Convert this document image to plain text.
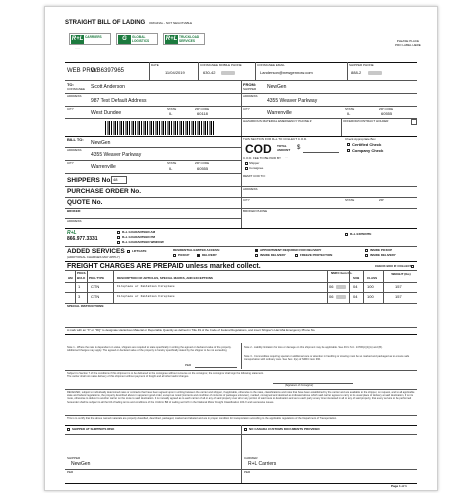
STRAIGHT BILL OF LADING ORIGINAL - NOT NEGOTIABLE
R+L CARRIERS	G	GLOBAL LOGISTICS	R+L TRUCKLOAD SERVICES
·····
PLEASE PLACE
PRO LABEL HERE
WEB PRO:
WB6397965
DATE
11/04/2019
CONSIGNEE MOBILE PHONE
630-42
CONSIGNEE EMAIL
Landerson@newgennow.com
SHIPPER PHONE
888-2
TO:
CONSIGNEE Scott Anderson
ADDRESS
987 Test Default Address
CITY
West Dundee
STATE
IL
ZIP CODE
60118
FROM:
SHIPPER NewGen
ADDRESS
4355 Weaver Parkway
CITY
Warrenville
STATE
IL
ZIP CODE
60555
HAZARDOUS MATERIAL EMERGENCY PHONE #	OFFEROR/CONTRACT HOLDER
BILL TO:
NewGen
ADDRESS
4355 Weaver Parkway
CITY
Warrenville
STATE
IL
ZIP CODE
60555
THIS SECTION FOR R+L TO COLLECT C.O.D.
COD TOTAL AMOUNT	$
C.O.D. FEE TO BE PAID BY
Shipper
Consignee
Check Appropriate Box
Certified Check
Company Check
···
SHIPPERS No. 48
PURCHASE ORDER No.
QUOTE No.
BROKER:
ADDRESS
REMIT COD TO:
ADDRESS
CITY	STATE	ZIP
BROKER PHONE
R+L
866.977.3331
R+L GUARANTEED AM
R+L GUARANTEED PM
R+L GUARANTEED WINDOW
R+L EXPEDITE
ADDED SERVICES
(ADDITIONAL CHARGES MAY APPLY)
LIFTGATE	RESIDENTIAL/LIMITED ACCESS:
PICKUP	DELIVERY
APPOINTMENT REQUIRED FOR DELIVERY
INSIDE DELIVERY	FREEZE PROTECTION
INSIDE PICKUP
INSIDE DELIVERY
FREIGHT CHARGES ARE PREPAID unless marked collect.	CHECK BOX IF COLLECT
HM
PKGS.
BULK PKG.TYPE	DESCRIPTION OF ARTICLES, SPECIAL MARKS, AND EXCEPTIONS
NMFC Item No.
SUB	CLASS
WEIGHT (lbs)
1	CTN	Fireplace or Imitation Fireplace	06	04 100	157
3	CTN	Fireplace or Imitation Fireplace	06	04 100	157
SPECIAL INSTRUCTIONS:
A mark with an "X" or "RQ" to designate Hazardous Material or Reportable Quantity as defined in Title 49 of the Code of Federal Regulations, and insert Shipper's Haz-Mat Emergency Phone No.
Note 1 - Where the rate is dependent on value, shippers are required to state specifically in writing the agreed or declared value of the property. Additional Charges may apply. The agreed or declared value of the property is hereby specifically stated by the shipper to be not exceeding
PER
Note 2 - Liability limitation for loss or damage on this shipment may be applicable. See 49 U.S.C. 14706(c)(1)(A) and (B).
Note 3 - Commodities requiring special or additional care or attention in handling or stowing must be so marked and packaged as to ensure safe transportation with ordinary care. See Sec. 2(e) of NMFC item 360.
Subject to Section 7 of the conditions if this shipment is to be delivered to the consignee without recourse on the consignor, the consignor shall sign the following statement. The carrier shall not make delivery of this shipment without payment of freight and all other lawful charges.
(Signature of Consignor)
RECEIVED, subject to individually determined rates or contracts that have been agreed upon in writing between the carrier and shipper, if applicable, otherwise to the rates, classifications and rules that have been established by the carrier and are available to the shipper, on request, and to all applicable state and federal regulations, the property described above in apparent good order, except as noted (contents and condition of contents of packages unknown), marked, consigned and destined as indicated above which said carrier agrees to carry to its usual place of delivery at said destination, if on its route, otherwise to deliver to another carrier on the route to said destination. It is mutually agreed as to each carrier of all or any of said property over all or any portion of said route to destination and as to each party at any time interested in all or any of said property, that every service to be performed hereunder shall be subject to all the bill of lading terms and conditions of the Uniform Bill of Lading set forth in the National Motor Freight Classification 100-X and successive issues.
This is to certify that the above named materials are properly classified, described, packaged, marked and labeled and are in proper condition for transportation according to the applicable regulations of the Department of Transportation.
SHIPPED AT SHIPPER'S RISK	NO CANADA CUSTOMS DOCUMENTS PROVIDED
SHIPPER
NewGen
PER
CARRIER
R+L Carriers
PER
Page 1 of 1
